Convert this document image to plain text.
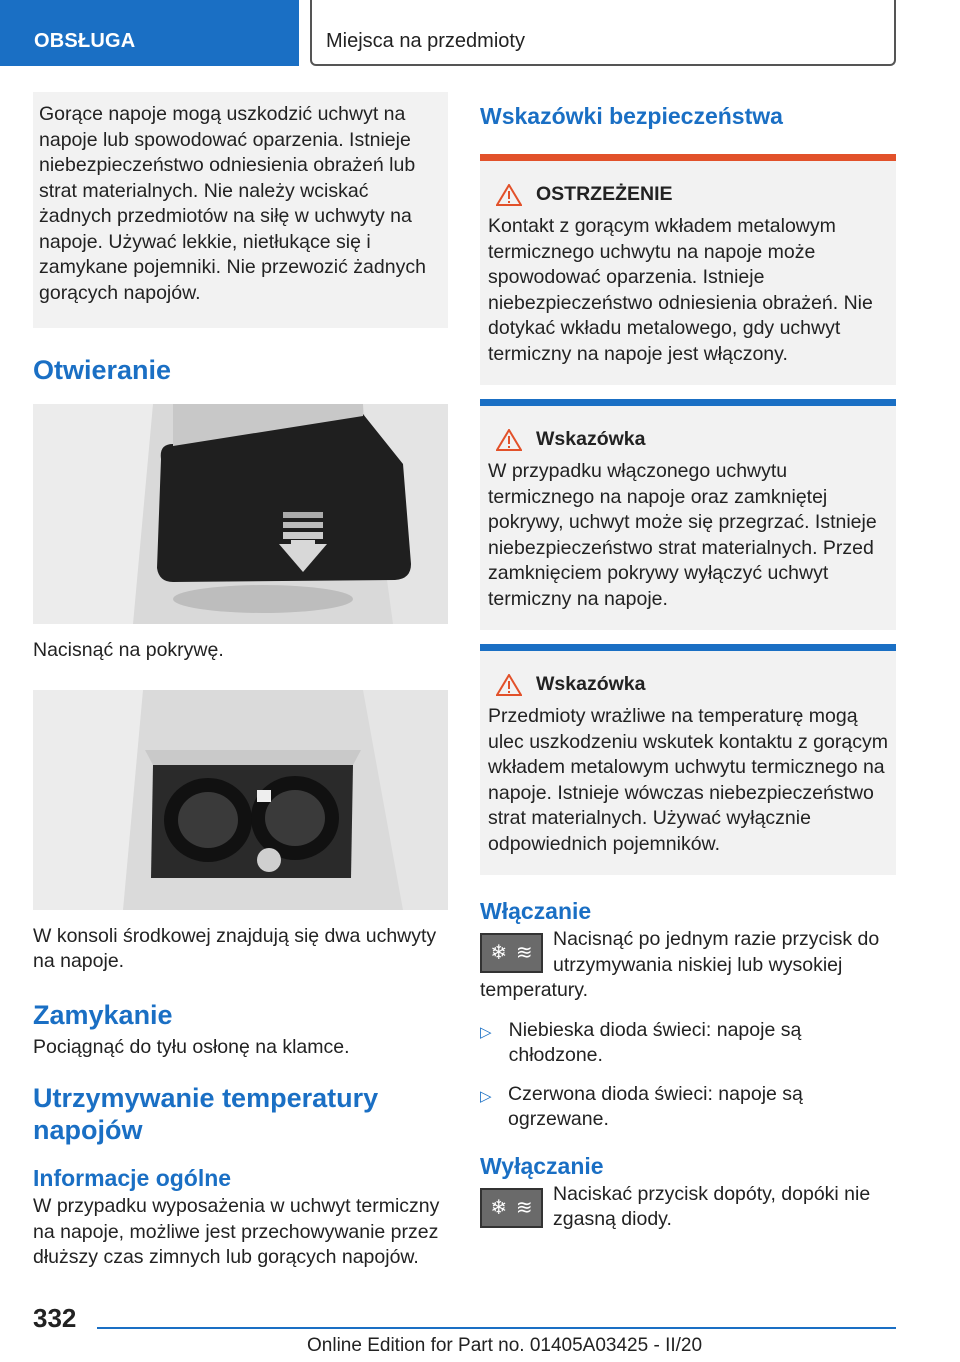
OBSŁUGA	Miejsca na przedmioty

Gorące napoje mogą uszkodzić uchwyt na napoje lub spowodować oparzenia. Istnieje niebezpieczeństwo odniesienia obrażeń lub strat materialnych. Nie należy wciskać żadnych przedmiotów na siłę w uchwyty na napoje. Używać lekkie, nietłukące się i zamykane pojemniki. Nie przewozić żadnych gorących napojów.

Otwieranie

Nacisnąć na pokrywę.

W konsoli środkowej znajdują się dwa uchwyty na napoje.

Zamykanie

Pociągnąć do tyłu osłonę na klamce.

Utrzymywanie temperatury napojów
Informacje ogólne

W przypadku wyposażenia w uchwyt termiczny na napoje, możliwe jest przechowywanie przez dłuższy czas zimnych lub gorących napojów.

Wskazówki bezpieczeństwa
OSTRZEŻENIE

Kontakt z gorącym wkładem metalowym termicznego uchwytu na napoje może spowodować oparzenia. Istnieje niebezpieczeństwo odniesienia obrażeń. Nie dotykać wkładu metalowego, gdy uchwyt termiczny na napoje jest włączony.

Wskazówka

W przypadku włączonego uchwytu termicznego na napoje oraz zamkniętej pokrywy, uchwyt może się przegrzać. Istnieje niebezpieczeństwo strat materialnych. Przed zamknięciem pokrywy wyłączyć uchwyt termiczny na napoje.

Wskazówka

Przedmioty wrażliwe na temperaturę mogą ulec uszkodzeniu wskutek kontaktu z gorącym wkładem metalowym uchwytu termicznego na napoje. Istnieje wówczas niebezpieczeństwo strat materialnych. Używać wyłącznie odpowiednich pojemników.

Włączanie
❄ ≋

Nacisnąć po jednym razie przycisk do utrzymywania niskiej lub wysokiej temperatury.

▷ Niebieska dioda świeci: napoje są chłodzone.
▷ Czerwona dioda świeci: napoje są ogrzewane.
Wyłączanie
❄ ≋

Naciskać przycisk dopóty, dopóki nie zgasną diody.

332
Online Edition for Part no. 01405A03425 - II/20
